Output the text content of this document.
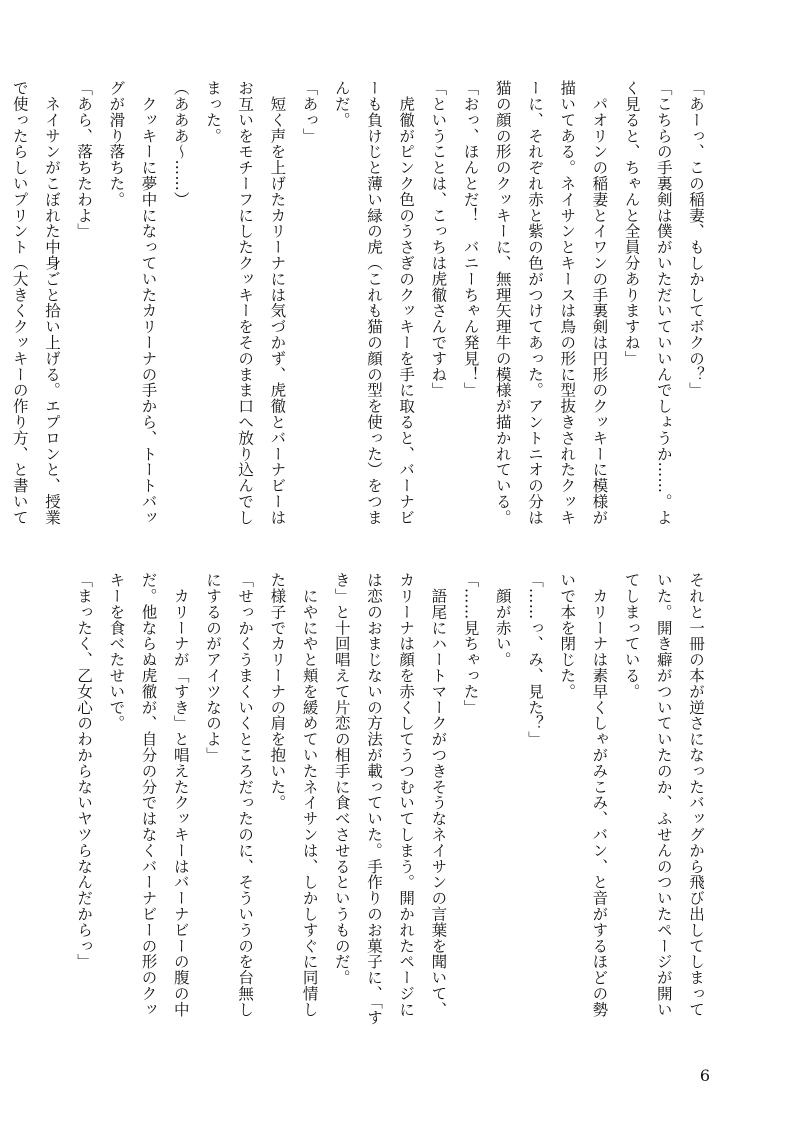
「あーっ、この稲妻、もしかしてボクの？」

「こちらの手裏剣は僕がいただいていいんでしょうか……。よく見ると、ちゃんと全員分ありますね」

　パオリンの稲妻とイワンの手裏剣は円形のクッキーに模様が描いてある。ネイサンとキースは鳥の形に型抜きされたクッキーに、それぞれ赤と紫の色がつけてあった。アントニオの分は猫の顔の形のクッキーに、無理矢理牛の模様が描かれている。

「おっ、ほんとだ！　バニーちゃん発見！」

「ということは、こっちは虎徹さんですね」

　虎徹がピンク色のうさぎのクッキーを手に取ると、バーナビーも負けじと薄い緑の虎（これも猫の顔の型を使った）をつまんだ。

「あっ」

　短く声を上げたカリーナには気づかず、虎徹とバーナビーはお互いをモチーフにしたクッキーをそのまま口へ放り込んでしまった。

（あああ〜……）

　クッキーに夢中になっていたカリーナの手から、トートバッグが滑り落ちた。

「あら、落ちたわよ」

　ネイサンがこぼれた中身ごと拾い上げる。エプロンと、授業で使ったらしいプリント（大きくクッキーの作り方、と書いて

それと一冊の本が逆さになったバッグから飛び出してしまっていた。開き癖がついていたのか、ふせんのついたページが開いてしまっている。

　カリーナは素早くしゃがみこみ、バン、と音がするほどの勢いで本を閉じた。

「……っ、み、見た？」

　顔が赤い。

「……見ちゃった」

　語尾にハートマークがつきそうなネイサンの言葉を聞いて、カリーナは顔を赤くしてうつむいてしまう。開かれたページには恋のおまじないの方法が載っていた。手作りのお菓子に、「すき」と十回唱えて片恋の相手に食べさせるというものだ。

　にやにやと頬を緩めていたネイサンは、しかしすぐに同情した様子でカリーナの肩を抱いた。

「せっかくうまくいくところだったのに、そういうのを台無しにするのがアイツなのよ」

　カリーナが「すき」と唱えたクッキーはバーナビーの腹の中だ。他ならぬ虎徹が、自分の分ではなくバーナビーの形のクッキーを食べたせいで。

「まったく、乙女心のわからないヤツらなんだからっ」

6
